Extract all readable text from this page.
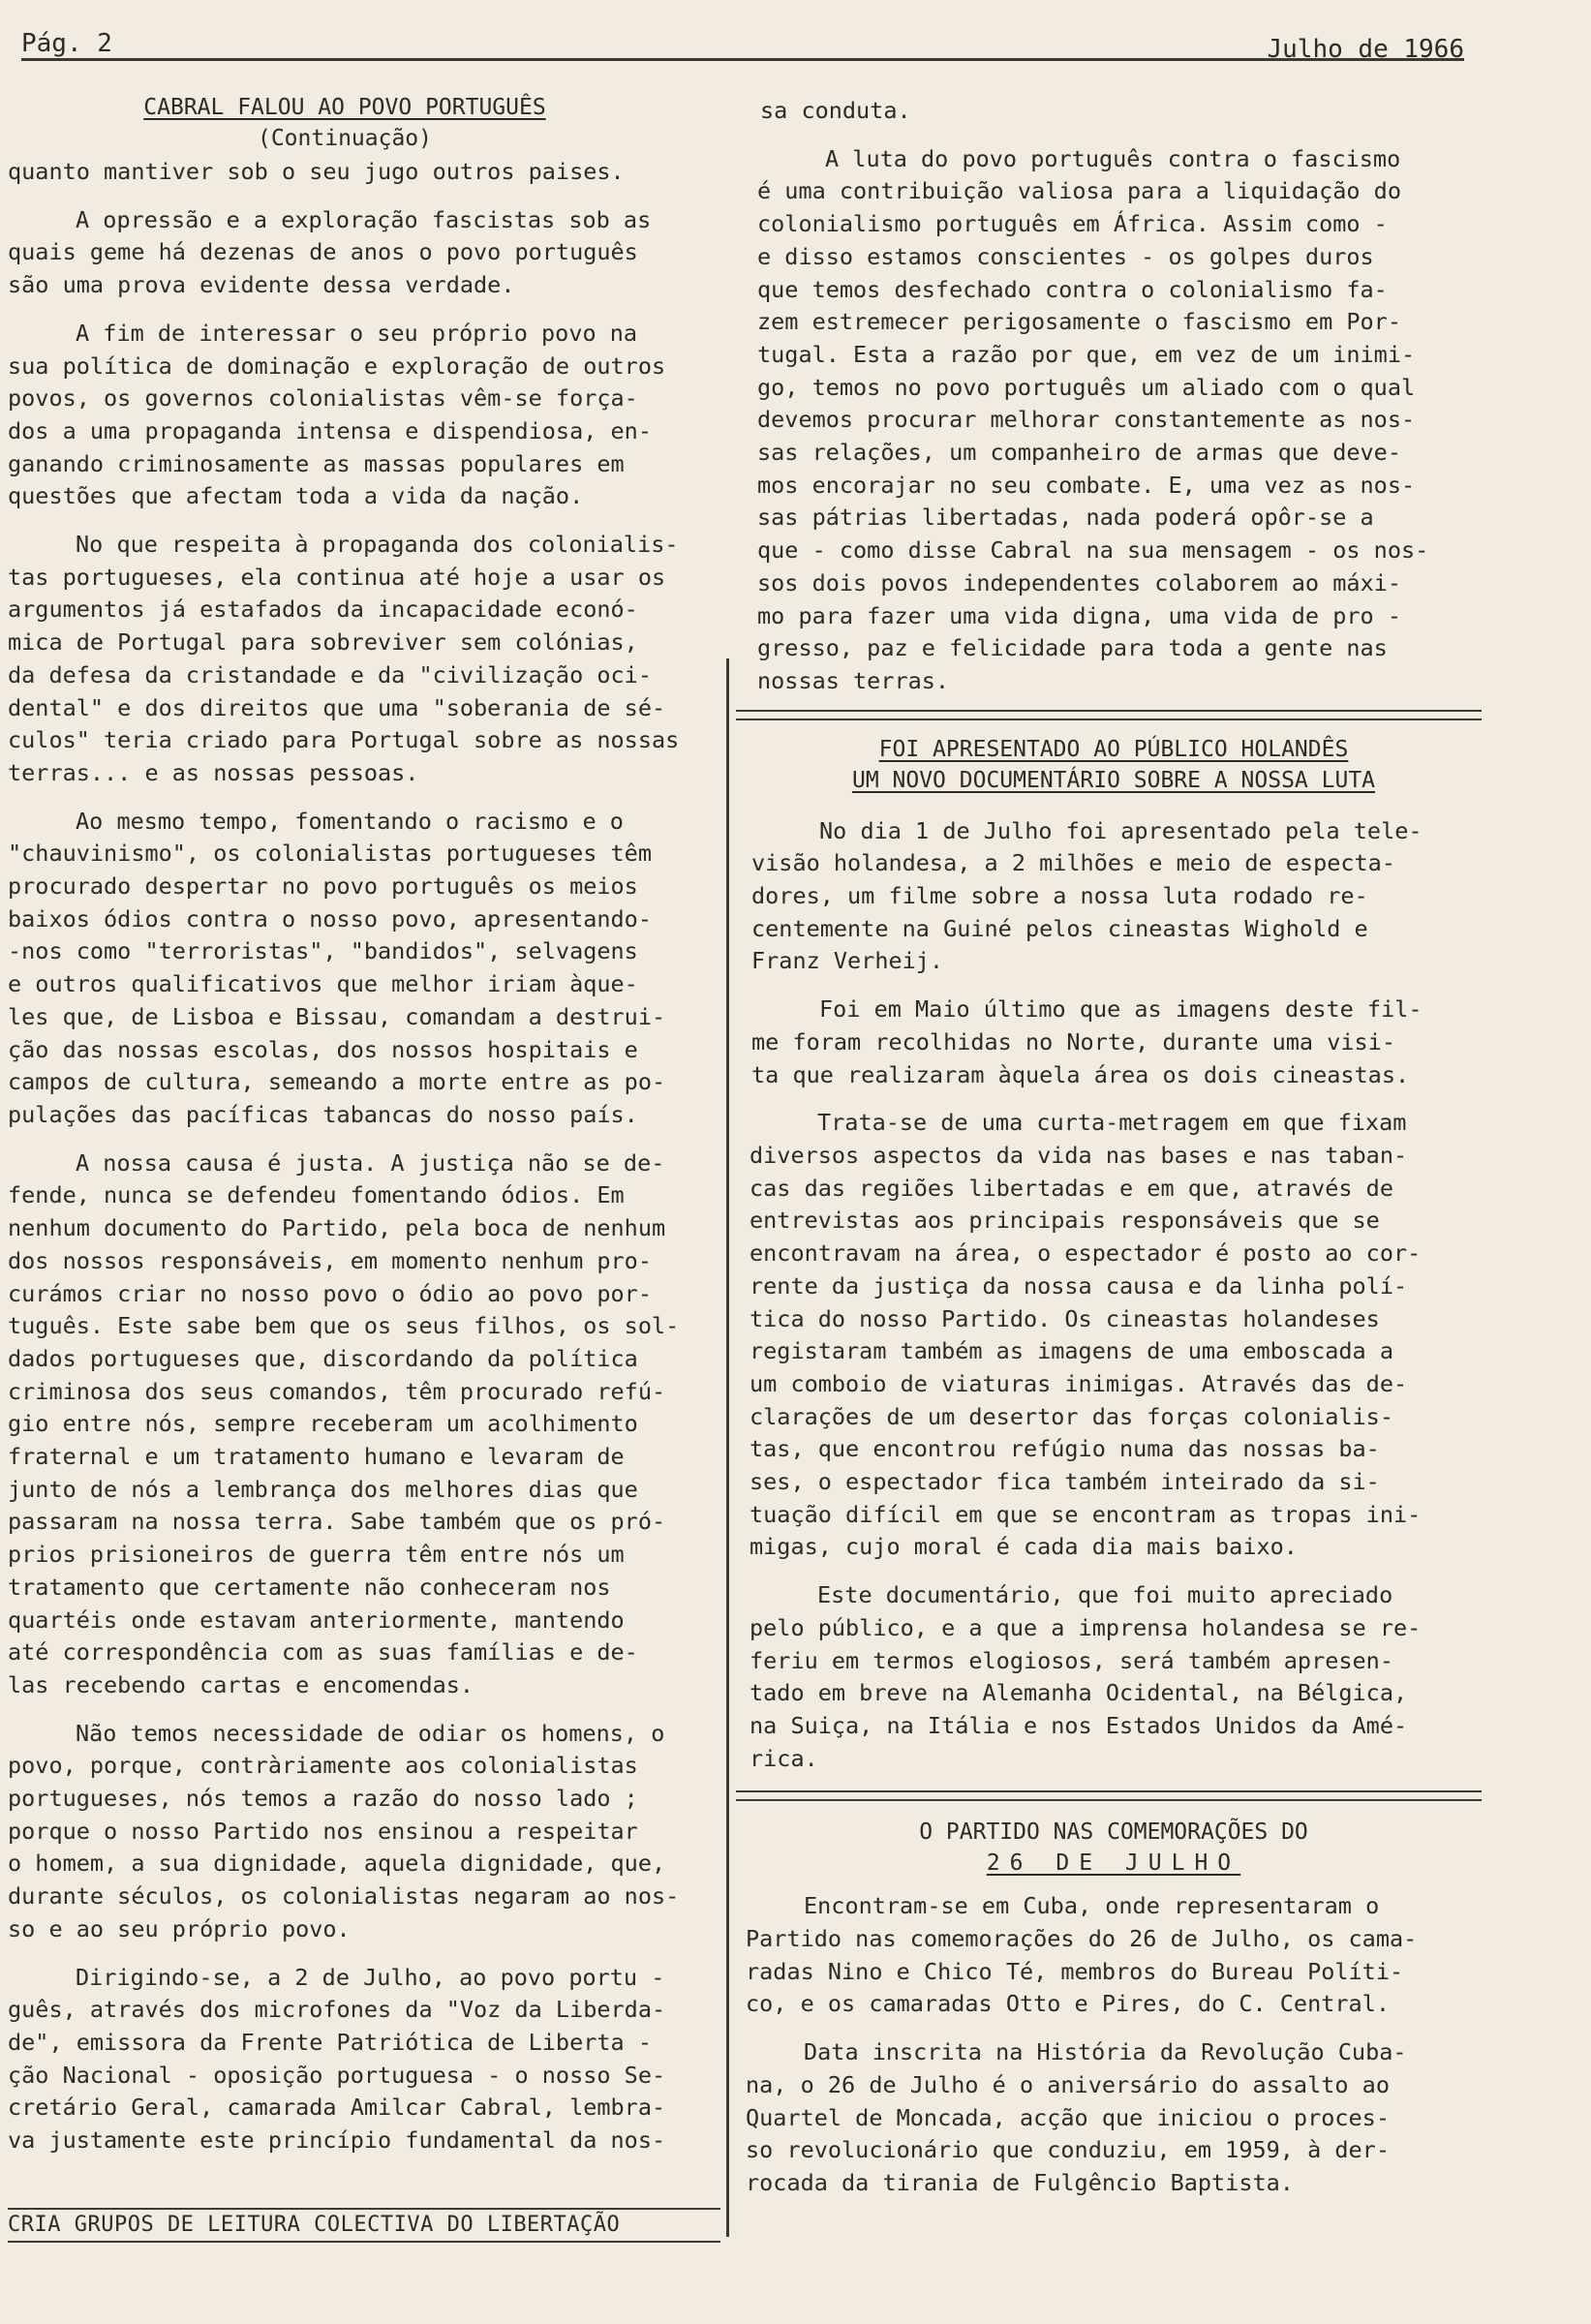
Pág. 2	Julho de 1966
CABRAL FALOU AO POVO PORTUGUÊS
(Continuação)

quanto mantiver sob o seu jugo outros paises.

A opressão e a exploração fascistas sob as
quais geme há dezenas de anos o povo português
são uma prova evidente dessa verdade.

A fim de interessar o seu próprio povo na
sua política de dominação e exploração de outros
povos, os governos colonialistas vêm-se força-
dos a uma propaganda intensa e dispendiosa, en-
ganando criminosamente as massas populares em
questões que afectam toda a vida da nação.

No que respeita à propaganda dos colonialis-
tas portugueses, ela continua até hoje a usar os
argumentos já estafados da incapacidade econó-
mica de Portugal para sobreviver sem colónias,
da defesa da cristandade e da "civilização oci-
dental" e dos direitos que uma "soberania de sé-
culos" teria criado para Portugal sobre as nossas
terras... e as nossas pessoas.

Ao mesmo tempo, fomentando o racismo e o
"chauvinismo", os colonialistas portugueses têm
procurado despertar no povo português os meios
baixos ódios contra o nosso povo, apresentando-
-nos como "terroristas", "bandidos", selvagens
e outros qualificativos que melhor iriam àque-
les que, de Lisboa e Bissau, comandam a destrui-
ção das nossas escolas, dos nossos hospitais e
campos de cultura, semeando a morte entre as po-
pulações das pacíficas tabancas do nosso país.

A nossa causa é justa. A justiça não se de-
fende, nunca se defendeu fomentando ódios. Em
nenhum documento do Partido, pela boca de nenhum
dos nossos responsáveis, em momento nenhum pro-
curámos criar no nosso povo o ódio ao povo por-
tuguês. Este sabe bem que os seus filhos, os sol-
dados portugueses que, discordando da política
criminosa dos seus comandos, têm procurado refú-
gio entre nós, sempre receberam um acolhimento
fraternal e um tratamento humano e levaram de
junto de nós a lembrança dos melhores dias que
passaram na nossa terra. Sabe também que os pró-
prios prisioneiros de guerra têm entre nós um
tratamento que certamente não conheceram nos
quartéis onde estavam anteriormente, mantendo
até correspondência com as suas famílias e de-
las recebendo cartas e encomendas.

Não temos necessidade de odiar os homens, o
povo, porque, contràriamente aos colonialistas
portugueses, nós temos a razão do nosso lado ;
porque o nosso Partido nos ensinou a respeitar
o homem, a sua dignidade, aquela dignidade, que,
durante séculos, os colonialistas negaram ao nos-
so e ao seu próprio povo.

Dirigindo-se, a 2 de Julho, ao povo portu -
guês, através dos microfones da "Voz da Liberda-
de", emissora da Frente Patriótica de Liberta -
ção Nacional - oposição portuguesa - o nosso Se-
cretário Geral, camarada Amilcar Cabral, lembra-
va justamente este princípio fundamental da nos-

sa conduta.

A luta do povo português contra o fascismo
é uma contribuição valiosa para a liquidação do
colonialismo português em África. Assim como -
e disso estamos conscientes - os golpes duros
que temos desfechado contra o colonialismo fa-
zem estremecer perigosamente o fascismo em Por-
tugal. Esta a razão por que, em vez de um inimi-
go, temos no povo português um aliado com o qual
devemos procurar melhorar constantemente as nos-
sas relações, um companheiro de armas que deve-
mos encorajar no seu combate. E, uma vez as nos-
sas pátrias libertadas, nada poderá opôr-se a
que - como disse Cabral na sua mensagem - os nos-
sos dois povos independentes colaborem ao máxi-
mo para fazer uma vida digna, uma vida de pro -
gresso, paz e felicidade para toda a gente nas
nossas terras.

FOI APRESENTADO AO PÚBLICO HOLANDÊS
UM NOVO DOCUMENTÁRIO SOBRE A NOSSA LUTA

No dia 1 de Julho foi apresentado pela tele-
visão holandesa, a 2 milhões e meio de especta-
dores, um filme sobre a nossa luta rodado re-
centemente na Guiné pelos cineastas Wighold e
Franz Verheij.

Foi em Maio último que as imagens deste fil-
me foram recolhidas no Norte, durante uma visi-
ta que realizaram àquela área os dois cineastas.

Trata-se de uma curta-metragem em que fixam
diversos aspectos da vida nas bases e nas taban-
cas das regiões libertadas e em que, através de
entrevistas aos principais responsáveis que se
encontravam na área, o espectador é posto ao cor-
rente da justiça da nossa causa e da linha polí-
tica do nosso Partido. Os cineastas holandeses
registaram também as imagens de uma emboscada a
um comboio de viaturas inimigas. Através das de-
clarações de um desertor das forças colonialis-
tas, que encontrou refúgio numa das nossas ba-
ses, o espectador fica também inteirado da si-
tuação difícil em que se encontram as tropas ini-
migas, cujo moral é cada dia mais baixo.

Este documentário, que foi muito apreciado
pelo público, e a que a imprensa holandesa se re-
feriu em termos elogiosos, será também apresen-
tado em breve na Alemanha Ocidental, na Bélgica,
na Suiça, na Itália e nos Estados Unidos da Amé-
rica.

O PARTIDO NAS COMEMORAÇÕES DO
26 DE JULHO

Encontram-se em Cuba, onde representaram o
Partido nas comemorações do 26 de Julho, os cama-
radas Nino e Chico Té, membros do Bureau Políti-
co, e os camaradas Otto e Pires, do C. Central.

Data inscrita na História da Revolução Cuba-
na, o 26 de Julho é o aniversário do assalto ao
Quartel de Moncada, acção que iniciou o proces-
so revolucionário que conduziu, em 1959, à der-
rocada da tirania de Fulgêncio Baptista.

CRIA GRUPOS DE LEITURA COLECTIVA DO LIBERTAÇÃO
